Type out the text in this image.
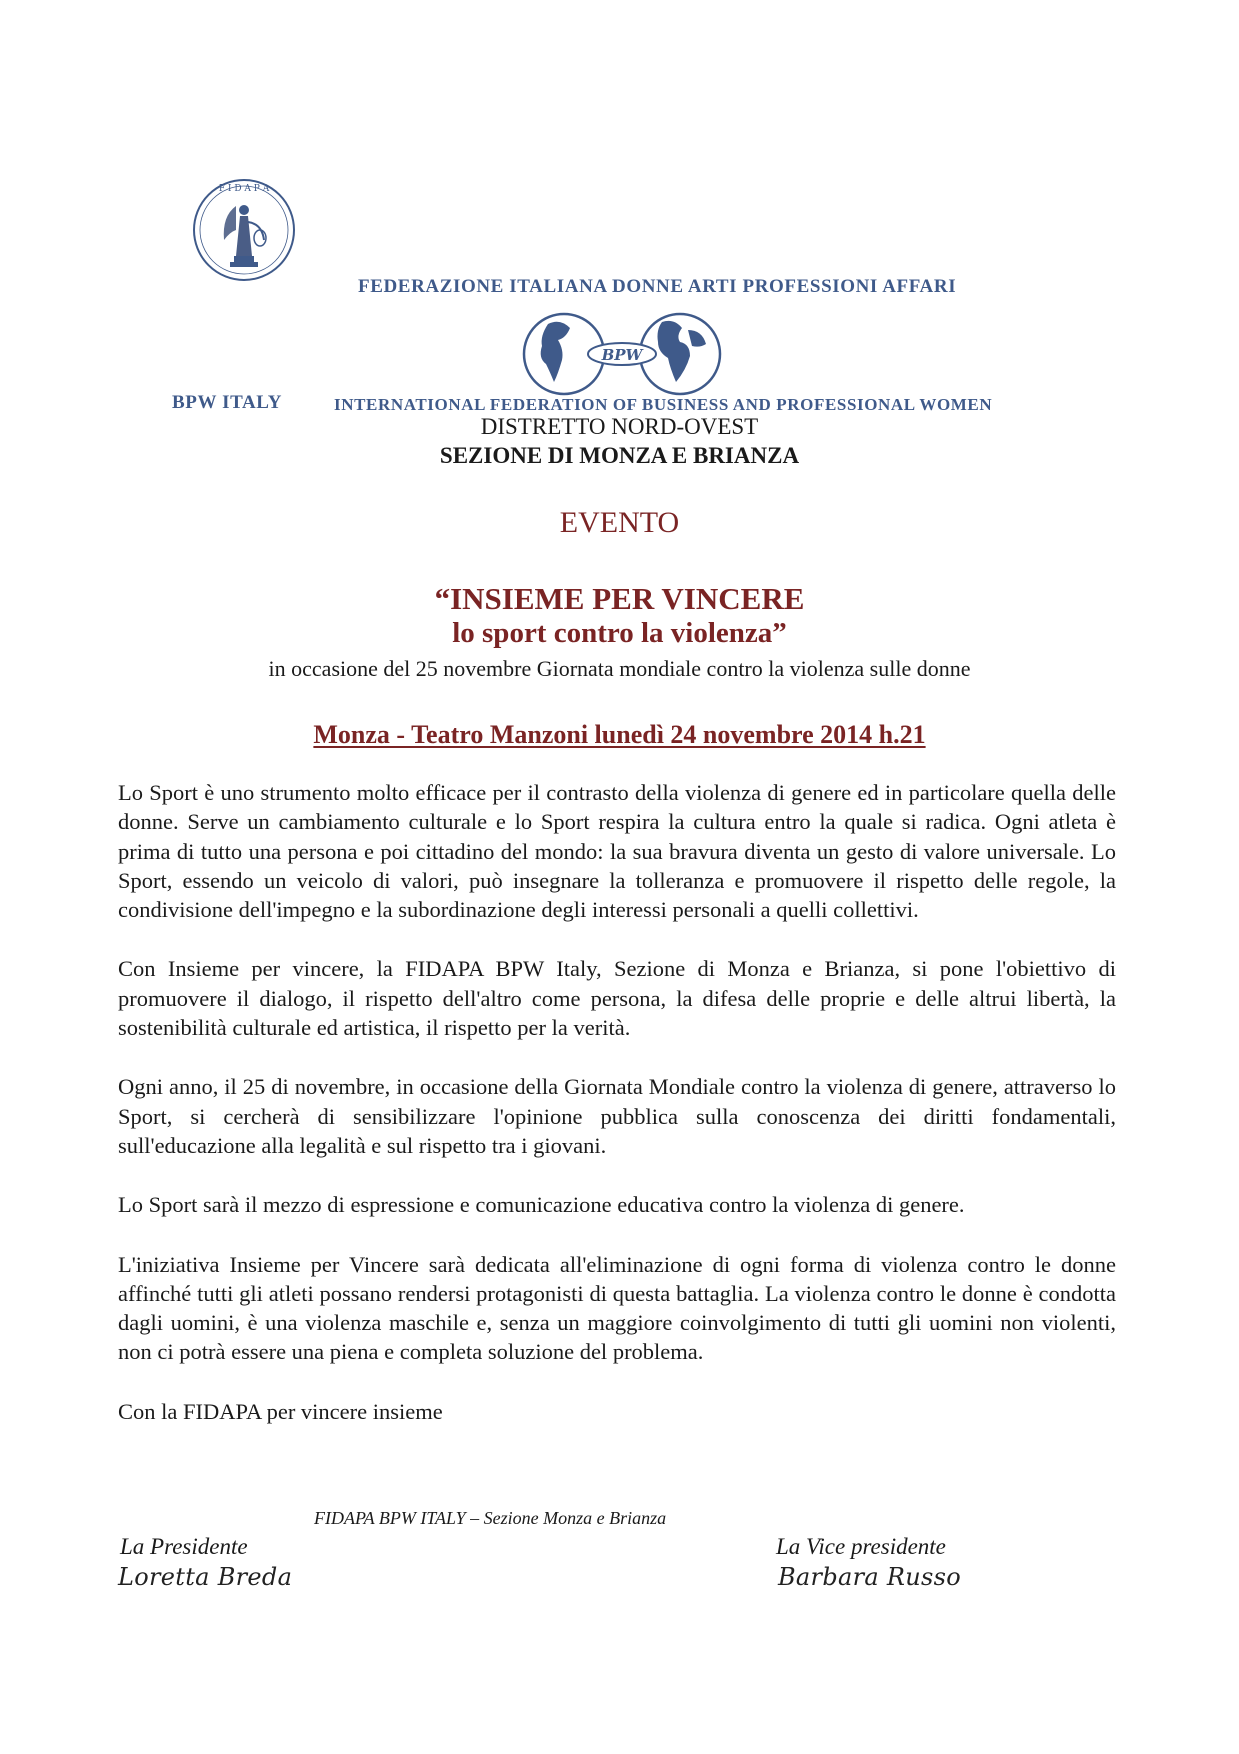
F I D A P A
FEDERAZIONE ITALIANA DONNE ARTI PROFESSIONI AFFARI
BPW
BPW ITALY	INTERNATIONAL FEDERATION OF BUSINESS AND PROFESSIONAL WOMEN
DISTRETTO NORD-OVEST
SEZIONE DI MONZA E BRIANZA
EVENTO
“INSIEME PER VINCERE
lo sport contro la violenza”
in occasione del 25 novembre Giornata mondiale contro la violenza sulle donne
Monza - Teatro Manzoni lunedì 24 novembre 2014 h.21

Lo Sport è uno strumento molto efficace per il contrasto della violenza di genere ed in particolare quella delle donne. Serve un cambiamento culturale e lo Sport respira la cultura entro la quale si radica. Ogni atleta è prima di tutto una persona e poi cittadino del mondo: la sua bravura diventa un gesto di valore universale. Lo Sport, essendo un veicolo di valori, può insegnare la tolleranza e promuovere il rispetto delle regole, la condivisione dell'impegno e la subordinazione degli interessi personali a quelli collettivi.

Con Insieme per vincere, la FIDAPA BPW Italy, Sezione di Monza e Brianza, si pone l'obiettivo di promuovere il dialogo, il rispetto dell'altro come persona, la difesa delle proprie e delle altrui libertà, la sostenibilità culturale ed artistica, il rispetto per la verità.

Ogni anno, il 25 di novembre, in occasione della Giornata Mondiale contro la violenza di genere, attraverso lo Sport, si cercherà di sensibilizzare l'opinione pubblica sulla conoscenza dei diritti fondamentali, sull'educazione alla legalità e sul rispetto tra i giovani.

Lo Sport sarà il mezzo di espressione e comunicazione educativa contro la violenza di genere.

L'iniziativa Insieme per Vincere sarà dedicata all'eliminazione di ogni forma di violenza contro le donne affinché tutti gli atleti possano rendersi protagonisti di questa battaglia. La violenza contro le donne è condotta dagli uomini, è una violenza maschile e, senza un maggiore coinvolgimento di tutti gli uomini non violenti, non ci potrà essere una piena e completa soluzione del problema.

Con la FIDAPA per vincere insieme

FIDAPA BPW ITALY – Sezione Monza e Brianza
La Presidente	La Vice presidente
Loretta Breda	Barbara Russo
